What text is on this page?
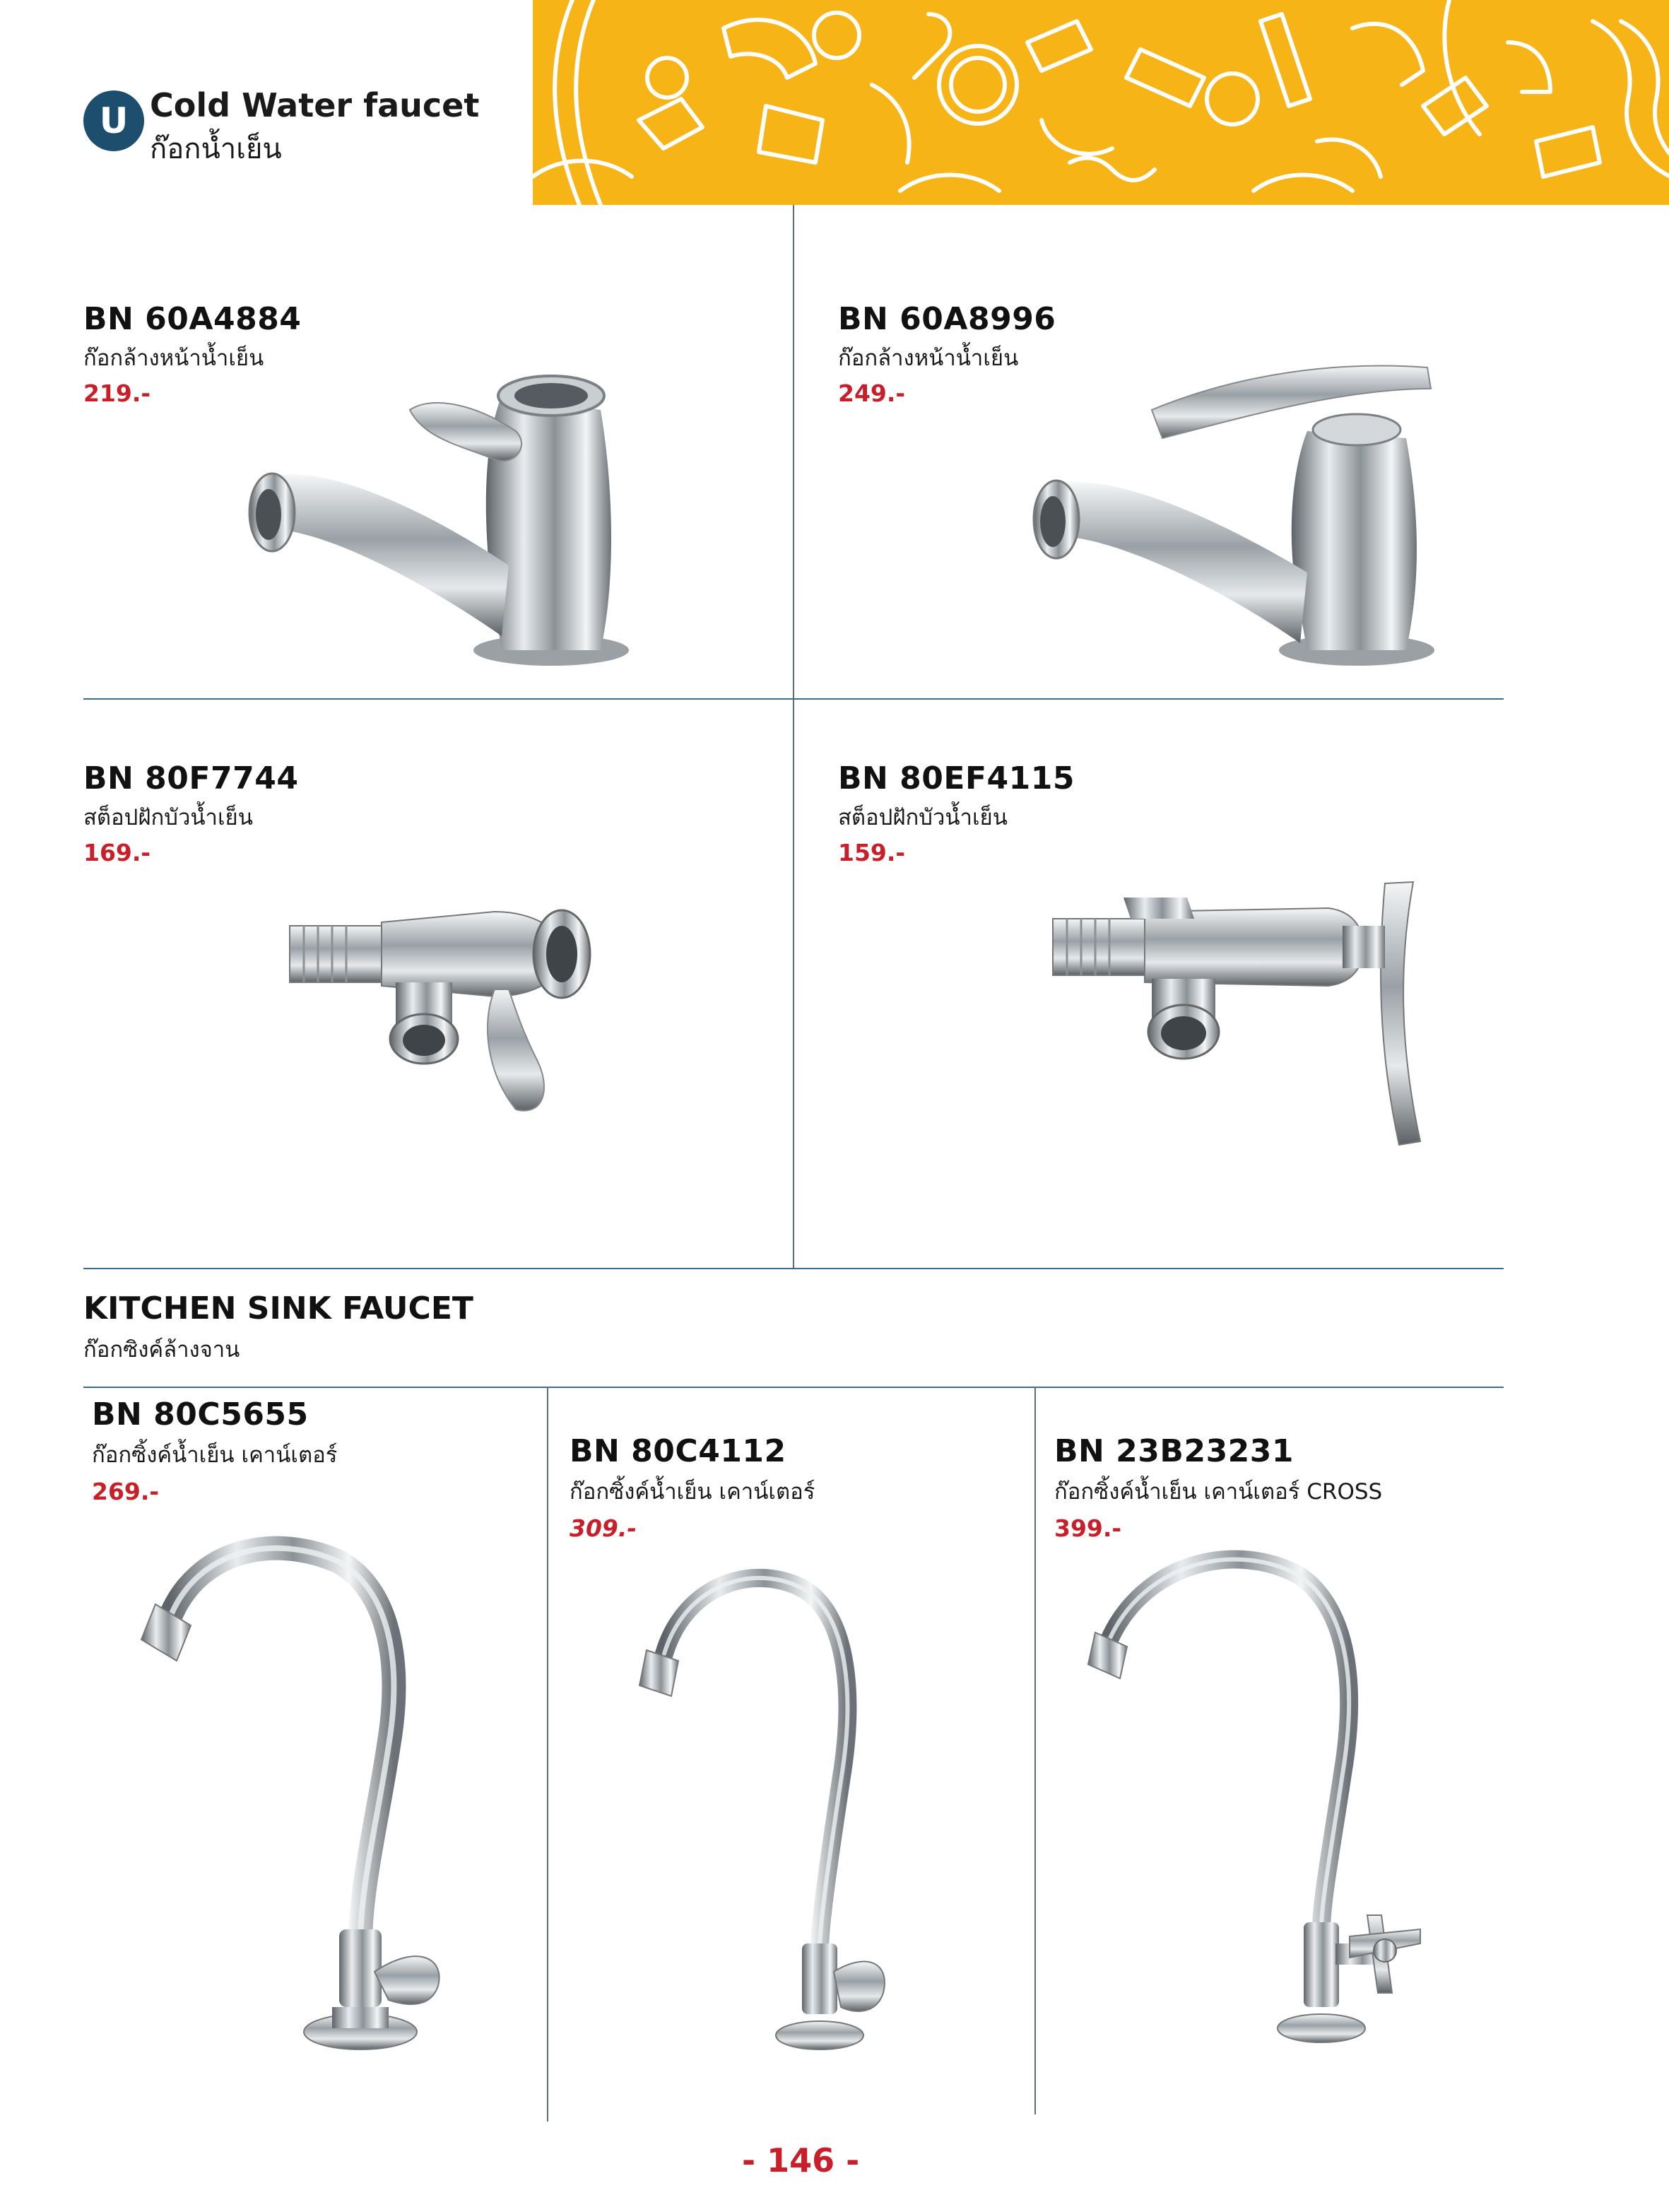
U Cold Water faucet
ก๊อกน้ำเย็น
BN 60A4884
ก๊อกล้างหน้าน้ำเย็น
219.-
BN 60A8996
ก๊อกล้างหน้าน้ำเย็น
249.-
BN 80F7744
สต็อปฝักบัวน้ำเย็น
169.-
BN 80EF4115
สต็อปฝักบัวน้ำเย็น
159.-
KITCHEN SINK FAUCET
ก๊อกซิงค์ล้างจาน
BN 80C5655
ก๊อกซิ้งค์น้ำเย็น เคาน์เตอร์
269.-
BN 80C4112
ก๊อกซิ้งค์น้ำเย็น เคาน์เตอร์
309.-
BN 23B23231
ก๊อกซิ้งค์น้ำเย็น เคาน์เตอร์ CROSS
399.-
- 146 -
